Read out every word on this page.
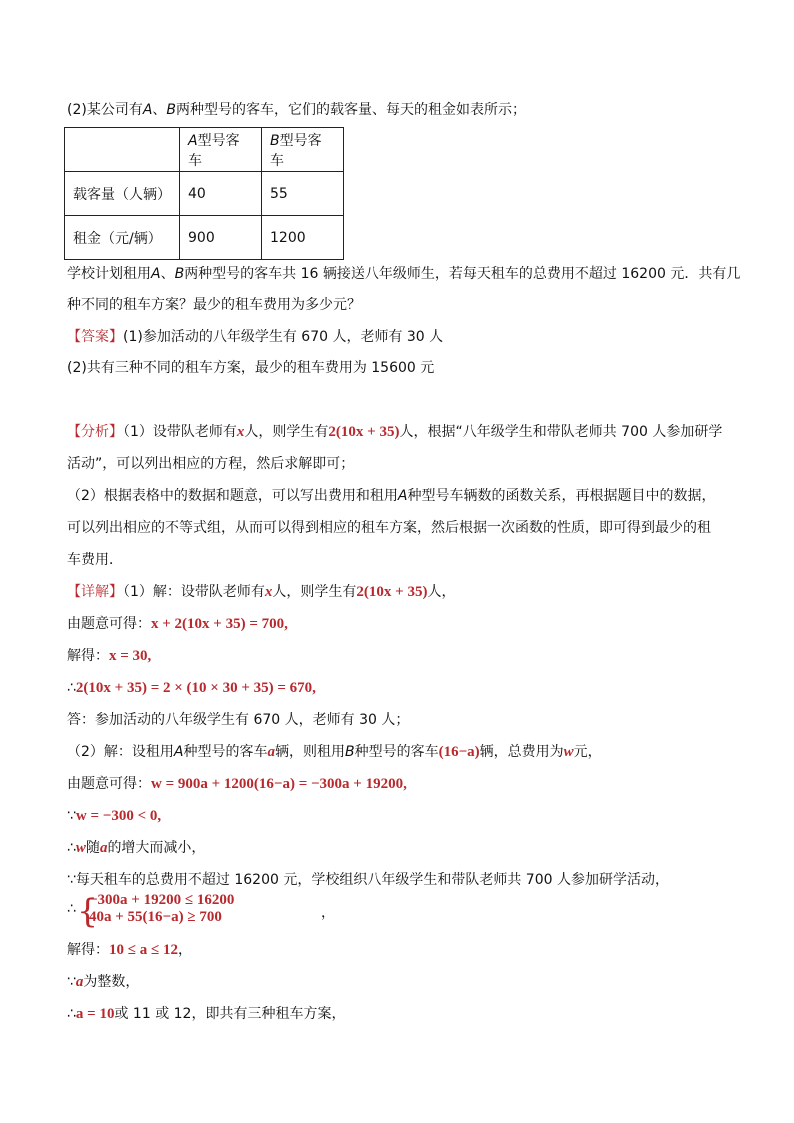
(2)某公司有A、B两种型号的客车，它们的载客量、每天的租金如表所示；
	A型号客车	B型号客车
载客量（人辆）	40	55
租金（元/辆）	900	1200
学校计划租用A、B两种型号的客车共 16 辆接送八年级师生，若每天租车的总费用不超过 16200 元．共有几
种不同的租车方案？最少的租车费用为多少元？
【答案】(1)参加活动的八年级学生有 670 人，老师有 30 人
(2)共有三种不同的租车方案，最少的租车费用为 15600 元
【分析】（1）设带队老师有x人，则学生有2(10x + 35)人，根据“八年级学生和带队老师共 700 人参加研学
活动”，可以列出相应的方程，然后求解即可；
（2）根据表格中的数据和题意，可以写出费用和租用A种型号车辆数的函数关系，再根据题目中的数据，
可以列出相应的不等式组，从而可以得到相应的租车方案，然后根据一次函数的性质，即可得到最少的租
车费用．
【详解】（1）解：设带队老师有x人，则学生有2(10x + 35)人，
由题意可得：x + 2(10x + 35) = 700,
解得：x = 30,
∴2(10x + 35) = 2 × (10 × 30 + 35) = 670,
答：参加活动的八年级学生有 670 人，老师有 30 人；
（2）解：设租用A种型号的客车a辆，则租用B种型号的客车(16−a)辆，总费用为w元，
由题意可得：w = 900a + 1200(16−a) = −300a + 19200,
∵w = −300 < 0,
∴w随a的增大而减小，
∵每天租车的总费用不超过 16200 元，学校组织八年级学生和带队老师共 700 人参加研学活动，
∴ {
−300a + 19200 ≤ 16200
40a + 55(16−a) ≥ 700	，
解得：10 ≤ a ≤ 12，
∵a为整数，
∴a = 10或 11 或 12，即共有三种租车方案，
